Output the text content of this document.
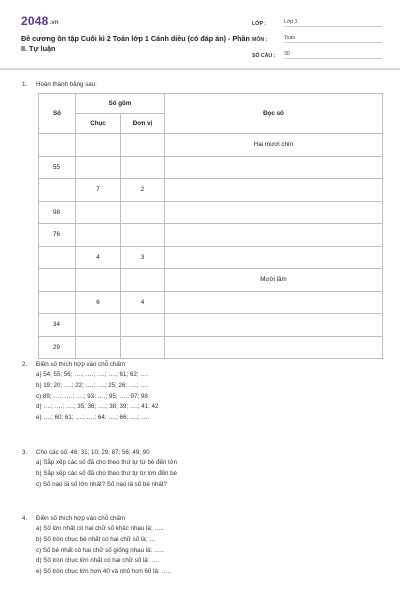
2048.vn
Đề cương ôn tập Cuối kì 2 Toán lớp 1 Cánh diều (có đáp án) - Phần II. Tự luận
LỚP :	Lớp 1
MÔN :	Toán
SỐ CÂU :	30
1.	Hoàn thành bảng sau:
Số	Số gồm		Đọc số
	Chục	Đơn vị	
			Hai mươi chín
55			
	7	2	
98			
76			
	4	3	
			Mười lăm
	6	4	
34			
29			
2.	Điền số thích hợp vào chỗ chấm
a) 54; 55; 56; ….; ….; ….; ….; 61; 62; ….
b) 19; 20; ….; 22; ….; ….; 25; 26; ….; ….
c) 89; ….; ….; ….; 93; ….; 95; ….; 97; 98
d) ….; ….; ….; 35; 36; ….; 38; 39; ….; 41; 42
e) ….; 60; 61; ….; ….; 64; ….; 66; ….; ….
3.	Cho các số: 46; 31; 10; 29; 87; 56; 49; 90
a) Sắp xếp các số đã cho theo thứ tự từ bé đến lớn
b) Sắp xếp các số đã cho theo thứ tự từ lớn đến bé
c) Số nào là số lớn nhất? Số nào là số bé nhất?
4.	Điền số thích hợp vào chỗ chấm
a) Số lớn nhất có hai chữ số khác nhau là: …..
b) Số tròn chục bé nhất có hai chữ số là: …
c) Số bé nhất có hai chữ số giống nhau là: …..
d) Số tròn chục lớn nhất có hai chữ số là: ….
e) Số tròn chục lớn hơn 40 và nhỏ hơn 60 là: …..
